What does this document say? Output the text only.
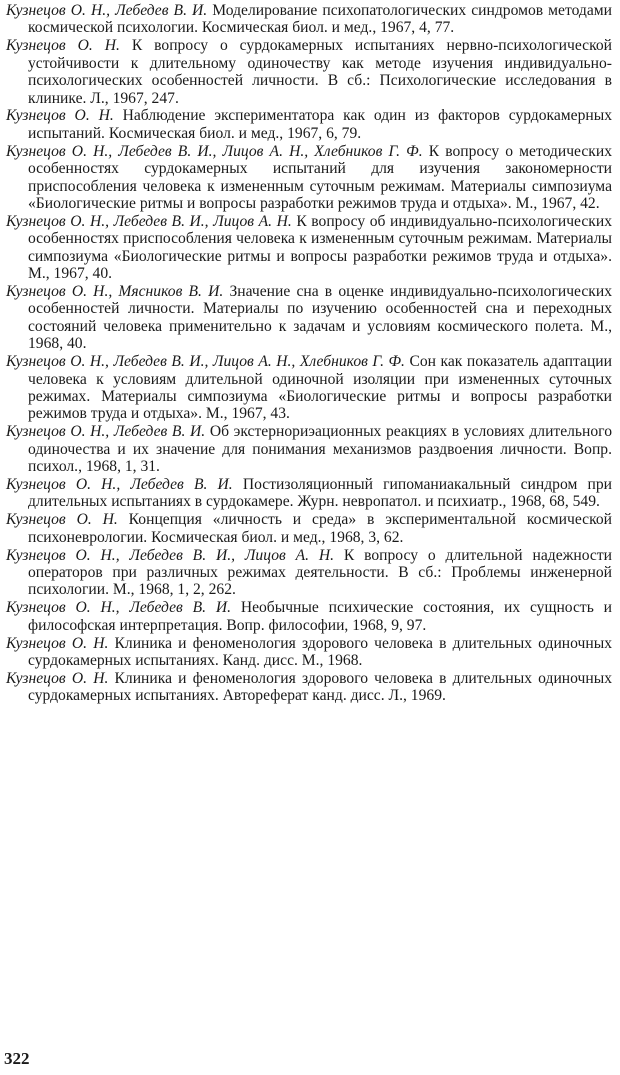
Кузнецов О. Н., Лебедев В. И. Моделирование психопатологических синдромов методами космической психологии. Космическая биол. и мед., 1967, 4, 77.
Кузнецов О. Н. К вопросу о сурдокамерных испытаниях нервно-психологической устойчивости к длительному одиночеству как методе изучения индивидуально-психологических особенностей личности. В сб.: Психологические исследования в клинике. Л., 1967, 247.
Кузнецов О. Н. Наблюдение экспериментатора как один из факторов сурдокамерных испытаний. Космическая биол. и мед., 1967, 6, 79.
Кузнецов О. Н., Лебедев В. И., Лицов А. Н., Хлебников Г. Ф. К вопросу о методических особенностях сурдокамерных испытаний для изучения закономерности приспособления человека к измененным суточным режимам. Материалы симпозиума «Биологические ритмы и вопросы разработки режимов труда и отдыха». М., 1967, 42.
Кузнецов О. Н., Лебедев В. И., Лицов А. Н. К вопросу об индивидуально-психологических особенностях приспособления человека к измененным суточным режимам. Материалы симпозиума «Биологические ритмы и вопросы разработки режимов труда и отдыха». М., 1967, 40.
Кузнецов О. Н., Мясников В. И. Значение сна в оценке индивидуально-психологических особенностей личности. Материалы по изучению особенностей сна и переходных состояний человека применительно к задачам и условиям космического полета. М., 1968, 40.
Кузнецов О. Н., Лебедев В. И., Лицов А. Н., Хлебников Г. Ф. Сон как показатель адаптации человека к условиям длительной одиночной изоляции при измененных суточных режимах. Материалы симпозиума «Биологические ритмы и вопросы разработки режимов труда и отдыха». М., 1967, 43.
Кузнецов О. Н., Лебедев В. И. Об экстернориэационных реакциях в условиях длительного одиночества и их значение для понимания механизмов раздвоения личности. Вопр. психол., 1968, 1, 31.
Кузнецов О. Н., Лебедев В. И. Постизоляционный гипоманиакальный синдром при длительных испытаниях в сурдокамере. Журн. невропатол. и психиатр., 1968, 68, 549.
Кузнецов О. Н. Концепция «личность и среда» в экспериментальной космической психоневрологии. Космическая биол. и мед., 1968, 3, 62.
Кузнецов О. Н., Лебедев В. И., Лицов А. Н. К вопросу о длительной надежности операторов при различных режимах деятельности. В сб.: Проблемы инженерной психологии. М., 1968, 1, 2, 262.
Кузнецов О. Н., Лебедев В. И. Необычные психические состояния, их сущность и философская интерпретация. Вопр. философии, 1968, 9, 97.
Кузнецов О. Н. Клиника и феноменология здорового человека в длительных одиночных сурдокамерных испытаниях. Канд. дисс. М., 1968.
Кузнецов О. Н. Клиника и феноменология здорового человека в длительных одиночных сурдокамерных испытаниях. Автореферат канд. дисс. Л., 1969.
322
